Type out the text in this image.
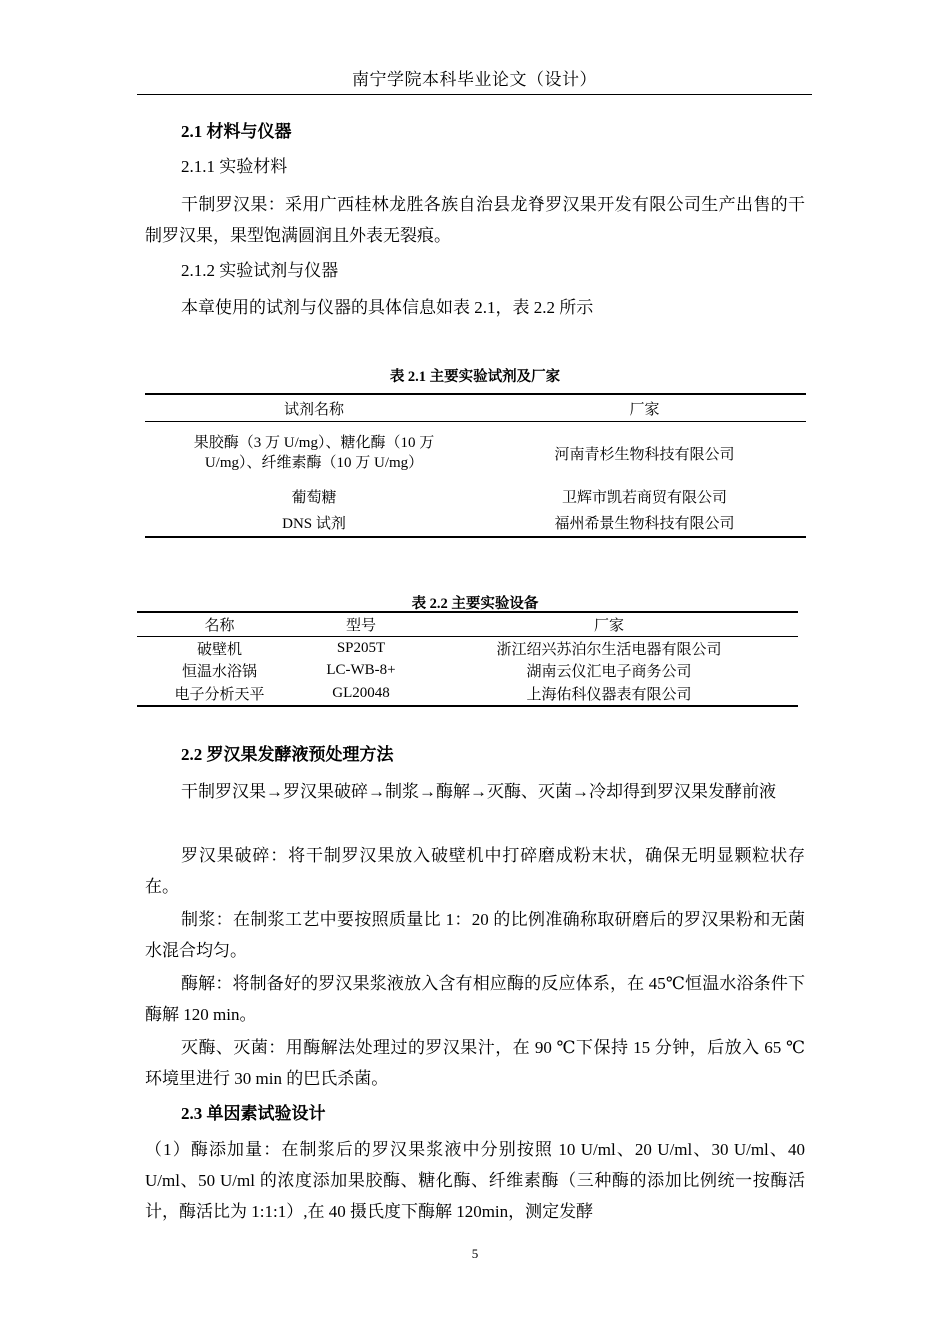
南宁学院本科毕业论文（设计）

2.1 材料与仪器

2.1.1 实验材料

干制罗汉果：采用广西桂林龙胜各族自治县龙脊罗汉果开发有限公司生产出售的干制罗汉果，果型饱满圆润且外表无裂痕。

2.1.2 实验试剂与仪器

本章使用的试剂与仪器的具体信息如表 2.1，表 2.2 所示

表 2.1 主要实验试剂及厂家
试剂名称	厂家
果胶酶（3 万 U/mg）、糖化酶（10 万 U/mg）、纤维素酶（10 万 U/mg）	河南青杉生物科技有限公司
葡萄糖	卫辉市凯若商贸有限公司
DNS 试剂	福州希景生物科技有限公司
表 2.2 主要实验设备
名称	型号	厂家
破壁机	SP205T	浙江绍兴苏泊尔生活电器有限公司
恒温水浴锅	LC-WB-8+	湖南云仪汇电子商务公司
电子分析天平	GL20048	上海佑科仪器表有限公司

2.2 罗汉果发酵液预处理方法

干制罗汉果→罗汉果破碎→制浆→酶解→灭酶、灭菌→冷却得到罗汉果发酵前液

罗汉果破碎：将干制罗汉果放入破壁机中打碎磨成粉末状，确保无明显颗粒状存在。

制浆：在制浆工艺中要按照质量比 1：20 的比例准确称取研磨后的罗汉果粉和无菌水混合均匀。

酶解：将制备好的罗汉果浆液放入含有相应酶的反应体系，在 45℃恒温水浴条件下酶解 120 min。

灭酶、灭菌：用酶解法处理过的罗汉果汁，在 90 ℃下保持 15 分钟，后放入 65 ℃环境里进行 30 min 的巴氏杀菌。

2.3 单因素试验设计

（1）酶添加量：在制浆后的罗汉果浆液中分别按照 10 U/ml、20 U/ml、30 U/ml、40 U/ml、50 U/ml 的浓度添加果胶酶、糖化酶、纤维素酶（三种酶的添加比例统一按酶活计，酶活比为 1:1:1）,在 40 摄氏度下酶解 120min，测定发酵

5
